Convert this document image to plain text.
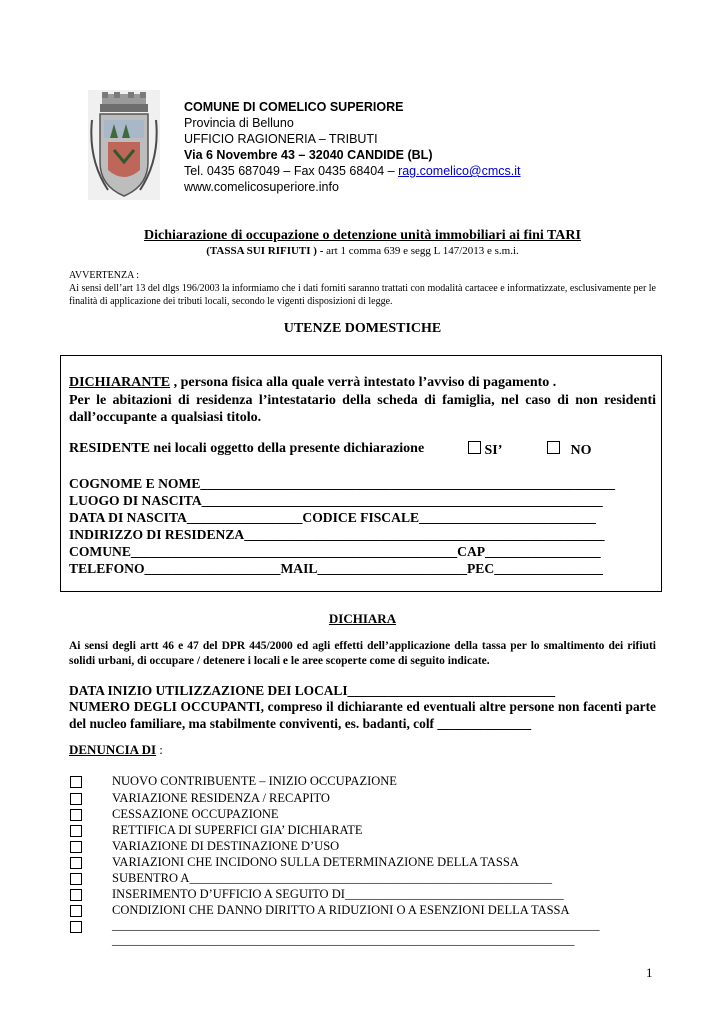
COMUNE DI COMELICO SUPERIORE
Provincia di Belluno
UFFICIO RAGIONERIA – TRIBUTI
Via 6 Novembre 43 – 32040 CANDIDE (BL)
Tel. 0435 687049 – Fax 0435 68404 – rag.comelico@cmcs.it
www.comelicosuperiore.info
Dichiarazione di occupazione o detenzione unità immobiliari ai fini TARI
(TASSA SUI RIFIUTI ) - art 1 comma 639 e segg L 147/2013 e s.m.i.
AVVERTENZA :
Ai sensi dell’art 13 del dlgs 196/2003 la informiamo che i dati forniti saranno trattati con modalità cartacee e informatizzate, esclusivamente per le finalità di applicazione dei tributi locali, secondo le vigenti disposizioni di legge.
UTENZE DOMESTICHE
DICHIARANTE , persona fisica alla quale verrà intestato l’avviso di pagamento .
Per le abitazioni di residenza l’intestatario della scheda di famiglia, nel caso di non residenti dall’occupante a qualsiasi titolo.
RESIDENTE nei locali oggetto della presente dichiarazione	SI’	NO
COGNOME E NOME_____________________________________________________________
LUOGO DI NASCITA___________________________________________________________
DATA DI NASCITA_________________CODICE FISCALE__________________________
INDIRIZZO DI RESIDENZA_____________________________________________________
COMUNE________________________________________________CAP_________________
TELEFONO____________________MAIL______________________PEC________________
DICHIARA
Ai sensi degli artt 46 e 47 del DPR 445/2000 ed agli effetti dell’applicazione della tassa per lo smaltimento dei rifiuti solidi urbani, di occupare / detenere i locali e le aree scoperte come di seguito indicate.
DATA INIZIO UTILIZZAZIONE DEI LOCALI_______________________________
NUMERO DEGLI OCCUPANTI, compreso il dichiarante ed eventuali altre persone non facenti parte del nucleo familiare, ma stabilmente conviventi, es. badanti, colf ______________
DENUNCIA DI :
NUOVO CONTRIBUENTE – INIZIO OCCUPAZIONE
VARIAZIONE RESIDENZA / RECAPITO
CESSAZIONE OCCUPAZIONE
RETTIFICA DI SUPERFICI GIA’ DICHIARATE
VARIAZIONE DI DESTINAZIONE D’USO
VARIAZIONI CHE INCIDONO SULLA DETERMINAZIONE DELLA TASSA
SUBENTRO A__________________________________________________________
INSERIMENTO D’UFFICIO A SEGUITO DI___________________________________
CONDIZIONI CHE DANNO DIRITTO A RIDUZIONI O A ESENZIONI DELLA TASSA
______________________________________________________________________________
__________________________________________________________________________
1
